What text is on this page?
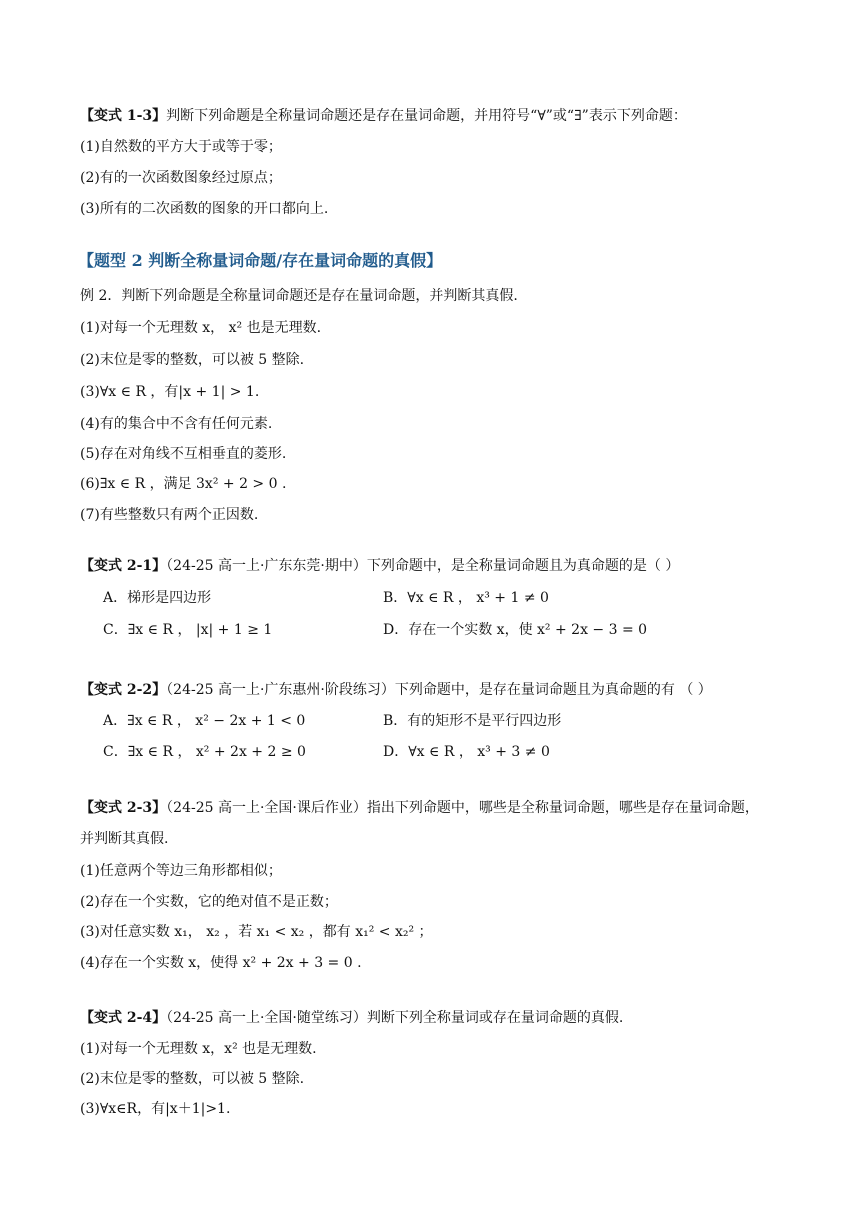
【变式 1-3】判断下列命题是全称量词命题还是存在量词命题，并用符号“∀”或“∃”表示下列命题：
(1)自然数的平方大于或等于零；
(2)有的一次函数图象经过原点；
(3)所有的二次函数的图象的开口都向上.
【题型 2 判断全称量词命题/存在量词命题的真假】
例 2．判断下列命题是全称量词命题还是存在量词命题，并判断其真假.
(1)对每一个无理数 x， x² 也是无理数.
(2)末位是零的整数，可以被 5 整除.
(3)∀x ∈ R ，有|x + 1| > 1.
(4)有的集合中不含有任何元素.
(5)存在对角线不互相垂直的菱形.
(6)∃x ∈ R ，满足 3x² + 2 > 0 .
(7)有些整数只有两个正因数.
【变式 2-1】（24-25 高一上·广东东莞·期中）下列命题中，是全称量词命题且为真命题的是（ ）
A．梯形是四边形	B．∀x ∈ R ， x³ + 1 ≠ 0
C．∃x ∈ R ， |x| + 1 ≥ 1	D．存在一个实数 x，使 x² + 2x − 3 = 0
【变式 2-2】（24-25 高一上·广东惠州·阶段练习）下列命题中，是存在量词命题且为真命题的有 （ ）
A．∃x ∈ R ， x² − 2x + 1 < 0	B．有的矩形不是平行四边形
C．∃x ∈ R ， x² + 2x + 2 ≥ 0	D．∀x ∈ R ， x³ + 3 ≠ 0
【变式 2-3】（24-25 高一上·全国·课后作业）指出下列命题中，哪些是全称量词命题，哪些是存在量词命题，
并判断其真假.
(1)任意两个等边三角形都相似；
(2)存在一个实数，它的绝对值不是正数；
(3)对任意实数 x₁， x₂ ，若 x₁ < x₂ ，都有 x₁² < x₂² ；
(4)存在一个实数 x，使得 x² + 2x + 3 = 0 .
【变式 2-4】（24-25 高一上·全国·随堂练习）判断下列全称量词或存在量词命题的真假.
(1)对每一个无理数 x，x² 也是无理数.
(2)末位是零的整数，可以被 5 整除.
(3)∀x∈R，有|x＋1|>1.
